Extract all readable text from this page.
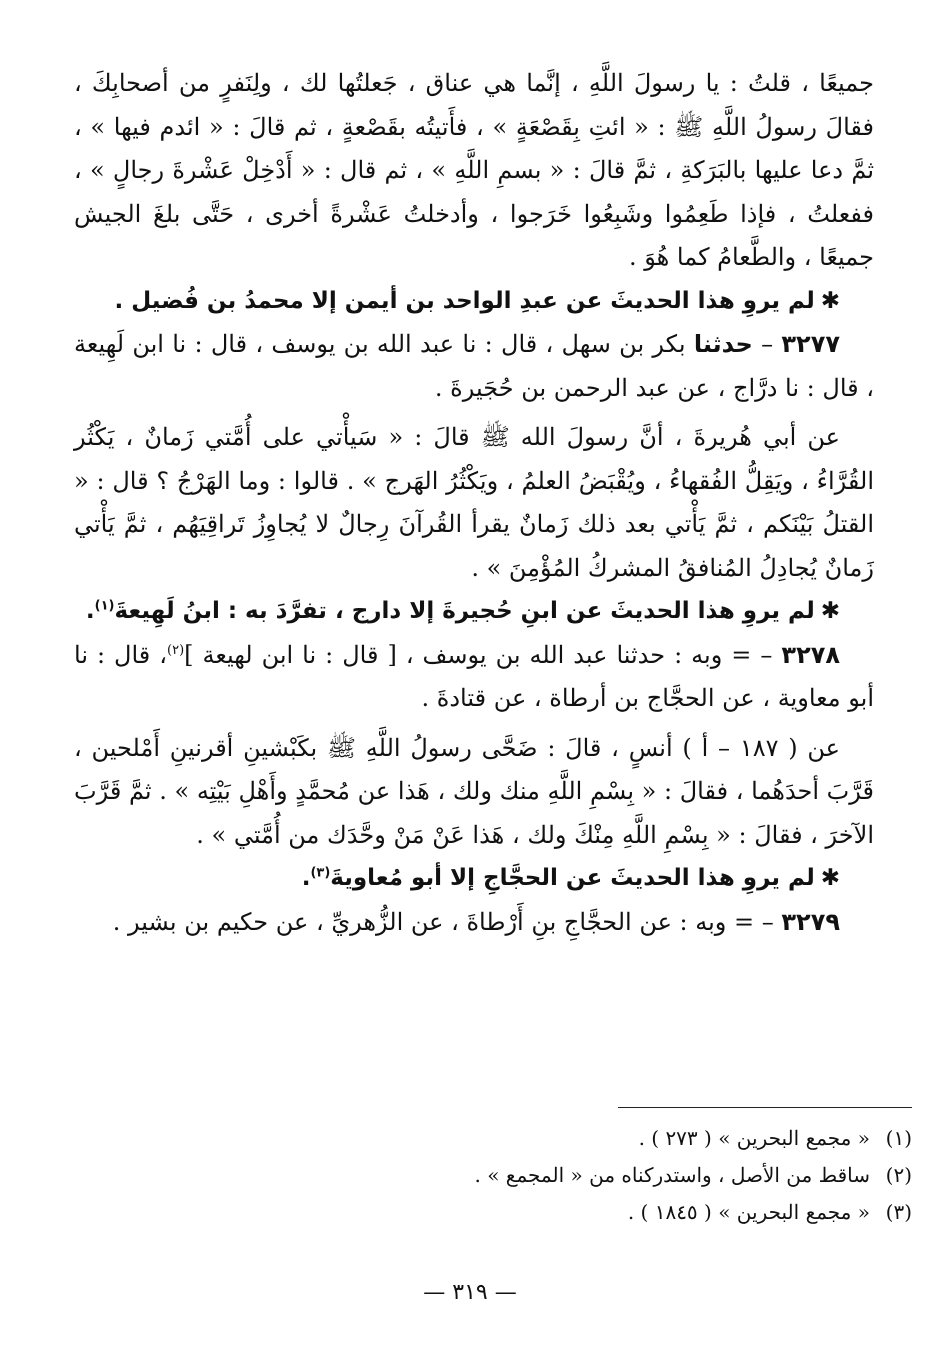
جميعًا ، قلتُ : يا رسولَ اللَّهِ ، إنَّما هي عناق ، جَعلتُها لك ، ولِنَفرٍ من أصحابِكَ ، فقالَ رسولُ اللَّهِ ﷺ : « ائتِ بِقَصْعَةٍ » ، فأَتيتُه بقَصْعةٍ ، ثم قالَ : « ائدم فيها » ، ثمَّ دعا عليها بالبَرَكةِ ، ثمَّ قالَ : « بسمِ اللَّهِ » ، ثم قال : « أَدْخِلْ عَشْرةَ رجالٍ » ، ففعلتُ ، فإذا طَعِمُوا وشَبِعُوا خَرَجوا ، وأدخلتُ عَشْرةً أخرى ، حَتَّى بلغَ الجيش جميعًا ، والطَّعامُ كما هُوَ .

✱لم يروِ هذا الحديثَ عن عبدِ الواحد بن أيمن إلا محمدُ بن فُضيل .

٣٢٧٧ – حدثنا بكر بن سهل ، قال : نا عبد الله بن يوسف ، قال : نا ابن لَهِيعة ، قال : نا درَّاج ، عن عبد الرحمن بن حُجَيرةَ .

عن أبي هُريرةَ ، أنَّ رسولَ الله ﷺ قالَ : « سَيأْتي على أُمَّتي زَمانٌ ، يَكْثُر القُرَّاءُ ، ويَقِلُّ الفُقهاءُ ، ويُقْبَضُ العلمُ ، ويَكْثُرُ الهَرج » . قالوا : وما الهَرْجُ ؟ قال : « القتلُ بَيْنَكم ، ثمَّ يَأْتي بعد ذلك زَمانٌ يقرأ القُرآنَ رِجالٌ لا يُجاوِزُ تَراقِيَهُم ، ثمَّ يَأْتي زَمانٌ يُجادِلُ المُنافقُ المشركُ المُؤْمِنَ » .

✱لم يروِ هذا الحديثَ عن ابنِ حُجيرةَ إلا دارج ، تفرَّدَ به : ابنُ لَهِيعةَ$^{(١)}$.

٣٢٧٨ – = وبه : حدثنا عبد الله بن يوسف ، [ قال : نا ابن لهيعة ]$^{(٢)}$، قال : نا أبو معاوية ، عن الحجَّاج بن أرطاة ، عن قتادةَ .

عن ( ١٨٧ – أ ) أنسٍ ، قالَ : ضَحَّى رسولُ اللَّهِ ﷺ بكَبْشينِ أقرنينِ أَمْلحين ، قَرَّبَ أحدَهُما ، فقالَ : « بِسْمِ اللَّهِ منك ولك ، هَذا عن مُحمَّدٍ وأَهْلِ بَيْتِه » . ثمَّ قَرَّبَ الآخرَ ، فقالَ : « بِسْمِ اللَّهِ مِنْكَ ولك ، هَذا عَنْ مَنْ وحَّدَك من أُمَّتي » .

✱لم يروِ هذا الحديثَ عن الحجَّاجِ إلا أبو مُعاويةَ$^{(٣)}$.

٣٢٧٩ – = وبه : عن الحجَّاجِ بنِ أَرْطاةَ ، عن الزُّهريِّ ، عن حكيم بن بشير .

(١)« مجمع البحرين » ( ٢٧٣ ) .

(٢)ساقط من الأصل ، واستدركناه من « المجمع » .

(٣)« مجمع البحرين » ( ١٨٤٥ ) .

— ٣١٩ —
